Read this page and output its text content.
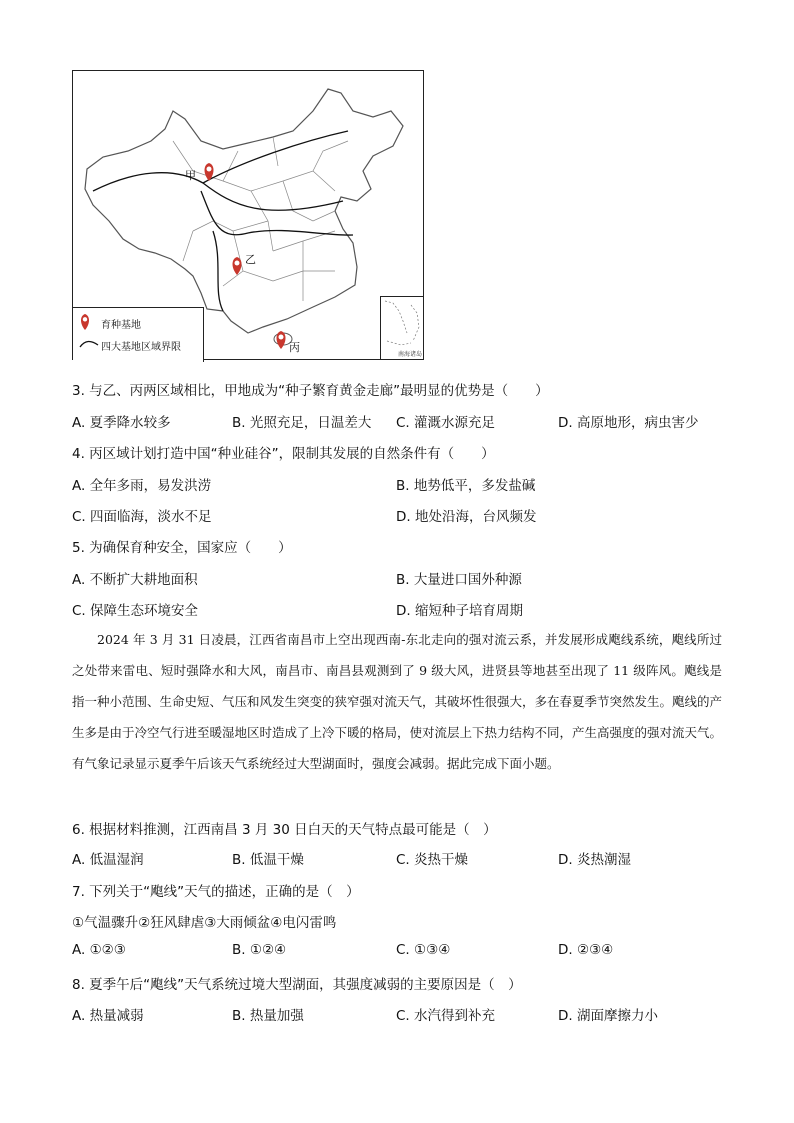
甲
乙
丙
育种基地
四大基地区域界限
南海诸岛
3. 与乙、丙两区域相比，甲地成为“种子繁育黄金走廊”最明显的优势是（　　）
A. 夏季降水较多	B. 光照充足，日温差大 C. 灌溉水源充足	D. 高原地形，病虫害少
4. 丙区域计划打造中国“种业硅谷”，限制其发展的自然条件有（　　）
A. 全年多雨，易发洪涝	B. 地势低平，多发盐碱
C. 四面临海，淡水不足	D. 地处沿海，台风频发
5. 为确保育种安全，国家应（　　）
A. 不断扩大耕地面积	B. 大量进口国外种源
C. 保障生态环境安全	D. 缩短种子培育周期

2024 年 3 月 31 日凌晨，江西省南昌市上空出现西南-东北走向的强对流云系，并发展形成飑线系统，飑线所过之处带来雷电、短时强降水和大风，南昌市、南昌县观测到了 9 级大风，进贤县等地甚至出现了 11 级阵风。飑线是指一种小范围、生命史短、气压和风发生突变的狭窄强对流天气，其破坏性很强大，多在春夏季节突然发生。飑线的产生多是由于冷空气行进至暖湿地区时造成了上冷下暖的格局，使对流层上下热力结构不同，产生高强度的强对流天气。有气象记录显示夏季午后该天气系统经过大型湖面时，强度会减弱。据此完成下面小题。

6. 根据材料推测，江西南昌 3 月 30 日白天的天气特点最可能是（　）
A. 低温湿润	B. 低温干燥	C. 炎热干燥	D. 炎热潮湿
7. 下列关于“飑线”天气的描述，正确的是（　）
①气温骤升②狂风肆虐③大雨倾盆④电闪雷鸣
A. ①②③	B. ①②④	C. ①③④	D. ②③④
8. 夏季午后“飑线”天气系统过境大型湖面，其强度减弱的主要原因是（　）
A. 热量减弱	B. 热量加强	C. 水汽得到补充	D. 湖面摩擦力小
